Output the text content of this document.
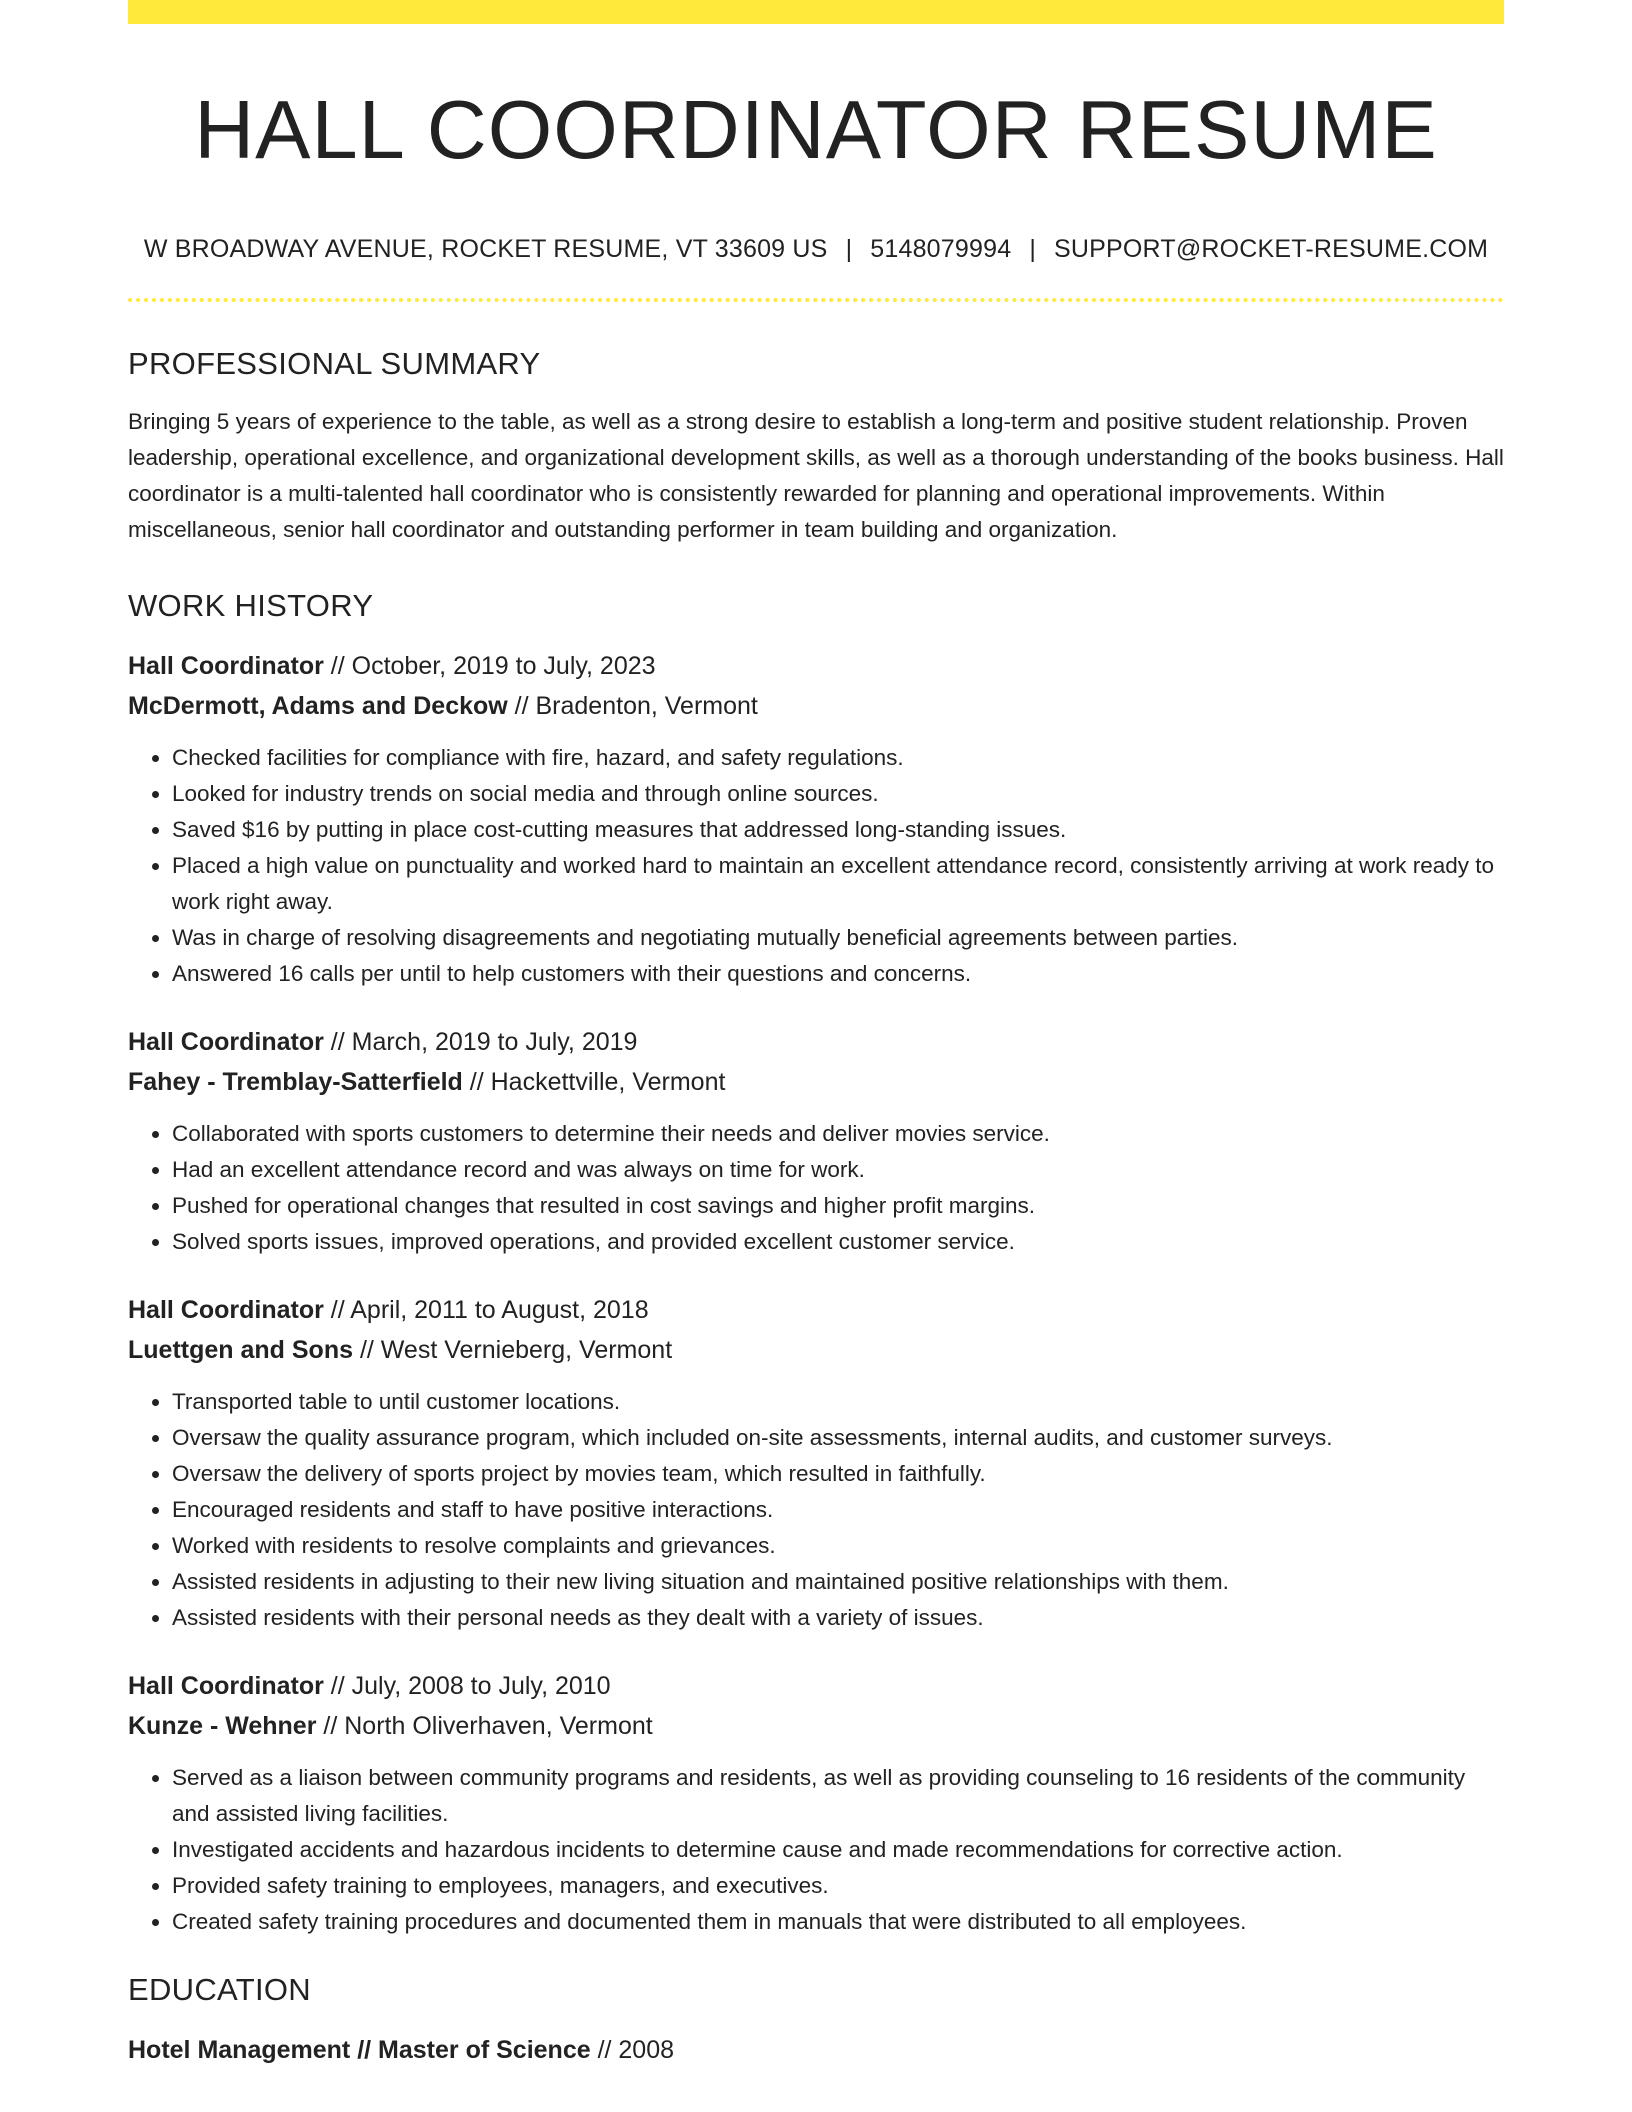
HALL COORDINATOR RESUME
W BROADWAY AVENUE, ROCKET RESUME, VT 33609 US | 5148079994 | SUPPORT@ROCKET-RESUME.COM
PROFESSIONAL SUMMARY
Bringing 5 years of experience to the table, as well as a strong desire to establish a long-term and positive student relationship. Proven leadership, operational excellence, and organizational development skills, as well as a thorough understanding of the books business. Hall coordinator is a multi-talented hall coordinator who is consistently rewarded for planning and operational improvements. Within miscellaneous, senior hall coordinator and outstanding performer in team building and organization.
WORK HISTORY
Hall Coordinator // October, 2019 to July, 2023
McDermott, Adams and Deckow // Bradenton, Vermont
• Checked facilities for compliance with fire, hazard, and safety regulations.
• Looked for industry trends on social media and through online sources.
• Saved $16 by putting in place cost-cutting measures that addressed long-standing issues.
• Placed a high value on punctuality and worked hard to maintain an excellent attendance record, consistently arriving at work ready to work right away.
• Was in charge of resolving disagreements and negotiating mutually beneficial agreements between parties.
• Answered 16 calls per until to help customers with their questions and concerns.
Hall Coordinator // March, 2019 to July, 2019
Fahey - Tremblay-Satterfield // Hackettville, Vermont
• Collaborated with sports customers to determine their needs and deliver movies service.
• Had an excellent attendance record and was always on time for work.
• Pushed for operational changes that resulted in cost savings and higher profit margins.
• Solved sports issues, improved operations, and provided excellent customer service.
Hall Coordinator // April, 2011 to August, 2018
Luettgen and Sons // West Vernieberg, Vermont
• Transported table to until customer locations.
• Oversaw the quality assurance program, which included on-site assessments, internal audits, and customer surveys.
• Oversaw the delivery of sports project by movies team, which resulted in faithfully.
• Encouraged residents and staff to have positive interactions.
• Worked with residents to resolve complaints and grievances.
• Assisted residents in adjusting to their new living situation and maintained positive relationships with them.
• Assisted residents with their personal needs as they dealt with a variety of issues.
Hall Coordinator // July, 2008 to July, 2010
Kunze - Wehner // North Oliverhaven, Vermont
• Served as a liaison between community programs and residents, as well as providing counseling to 16 residents of the community and assisted living facilities.
• Investigated accidents and hazardous incidents to determine cause and made recommendations for corrective action.
• Provided safety training to employees, managers, and executives.
• Created safety training procedures and documented them in manuals that were distributed to all employees.
EDUCATION
Hotel Management // Master of Science // 2008
